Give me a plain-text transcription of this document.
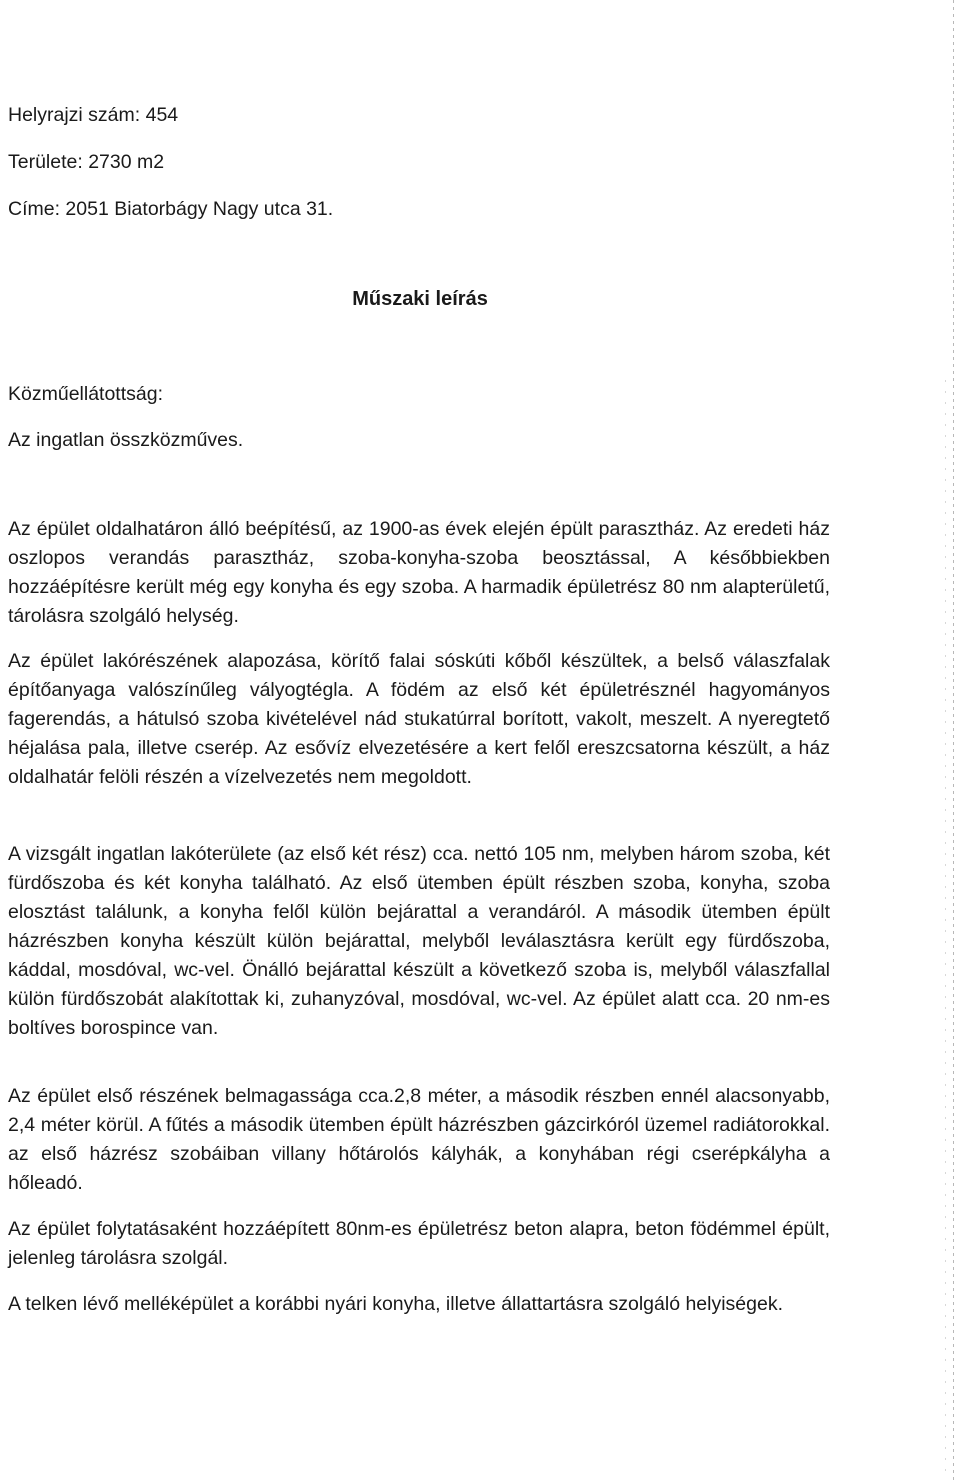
Helyrajzi szám: 454

Területe: 2730 m2

Címe: 2051 Biatorbágy Nagy utca 31.

Műszaki leírás

Közműellátottság:

Az ingatlan összközműves.

Az épület oldalhatáron álló beépítésű, az 1900-as évek elején épült parasztház. Az eredeti ház oszlopos verandás parasztház, szoba-konyha-szoba beosztással, A későbbiekben hozzáépítésre került még egy konyha és egy szoba. A harmadik épületrész 80 nm alapterületű, tárolásra szolgáló helység.

Az épület lakórészének alapozása, körítő falai sóskúti kőből készültek, a belső válaszfalak építőanyaga valószínűleg vályogtégla. A födém az első két épületrésznél hagyományos fagerendás, a hátulsó szoba kivételével nád stukatúrral borított, vakolt, meszelt. A nyeregtető héjalása pala, illetve cserép. Az esővíz elvezetésére a kert felől ereszcsatorna készült, a ház oldalhatár felöli részén a vízelvezetés nem megoldott.

A vizsgált ingatlan lakóterülete (az első két rész) cca. nettó 105 nm, melyben három szoba, két fürdőszoba és két konyha található. Az első ütemben épült részben szoba, konyha, szoba elosztást találunk, a konyha felől külön bejárattal a verandáról. A második ütemben épült házrészben konyha készült külön bejárattal, melyből leválasztásra került egy fürdőszoba, káddal, mosdóval, wc-vel. Önálló bejárattal készült a következő szoba is, melyből válaszfallal külön fürdőszobát alakítottak ki, zuhanyzóval, mosdóval, wc-vel. Az épület alatt cca. 20 nm-es boltíves borospince van.

Az épület első részének belmagassága cca.2,8 méter, a második részben ennél alacsonyabb, 2,4 méter körül. A fűtés a második ütemben épült házrészben gázcirkóról üzemel radiátorokkal. az első házrész szobáiban villany hőtárolós kályhák, a konyhában régi cserépkályha a hőleadó.

Az épület folytatásaként hozzáépített 80nm-es épületrész beton alapra, beton födémmel épült, jelenleg tárolásra szolgál.

A telken lévő melléképület a korábbi nyári konyha, illetve állattartásra szolgáló helyiségek.
